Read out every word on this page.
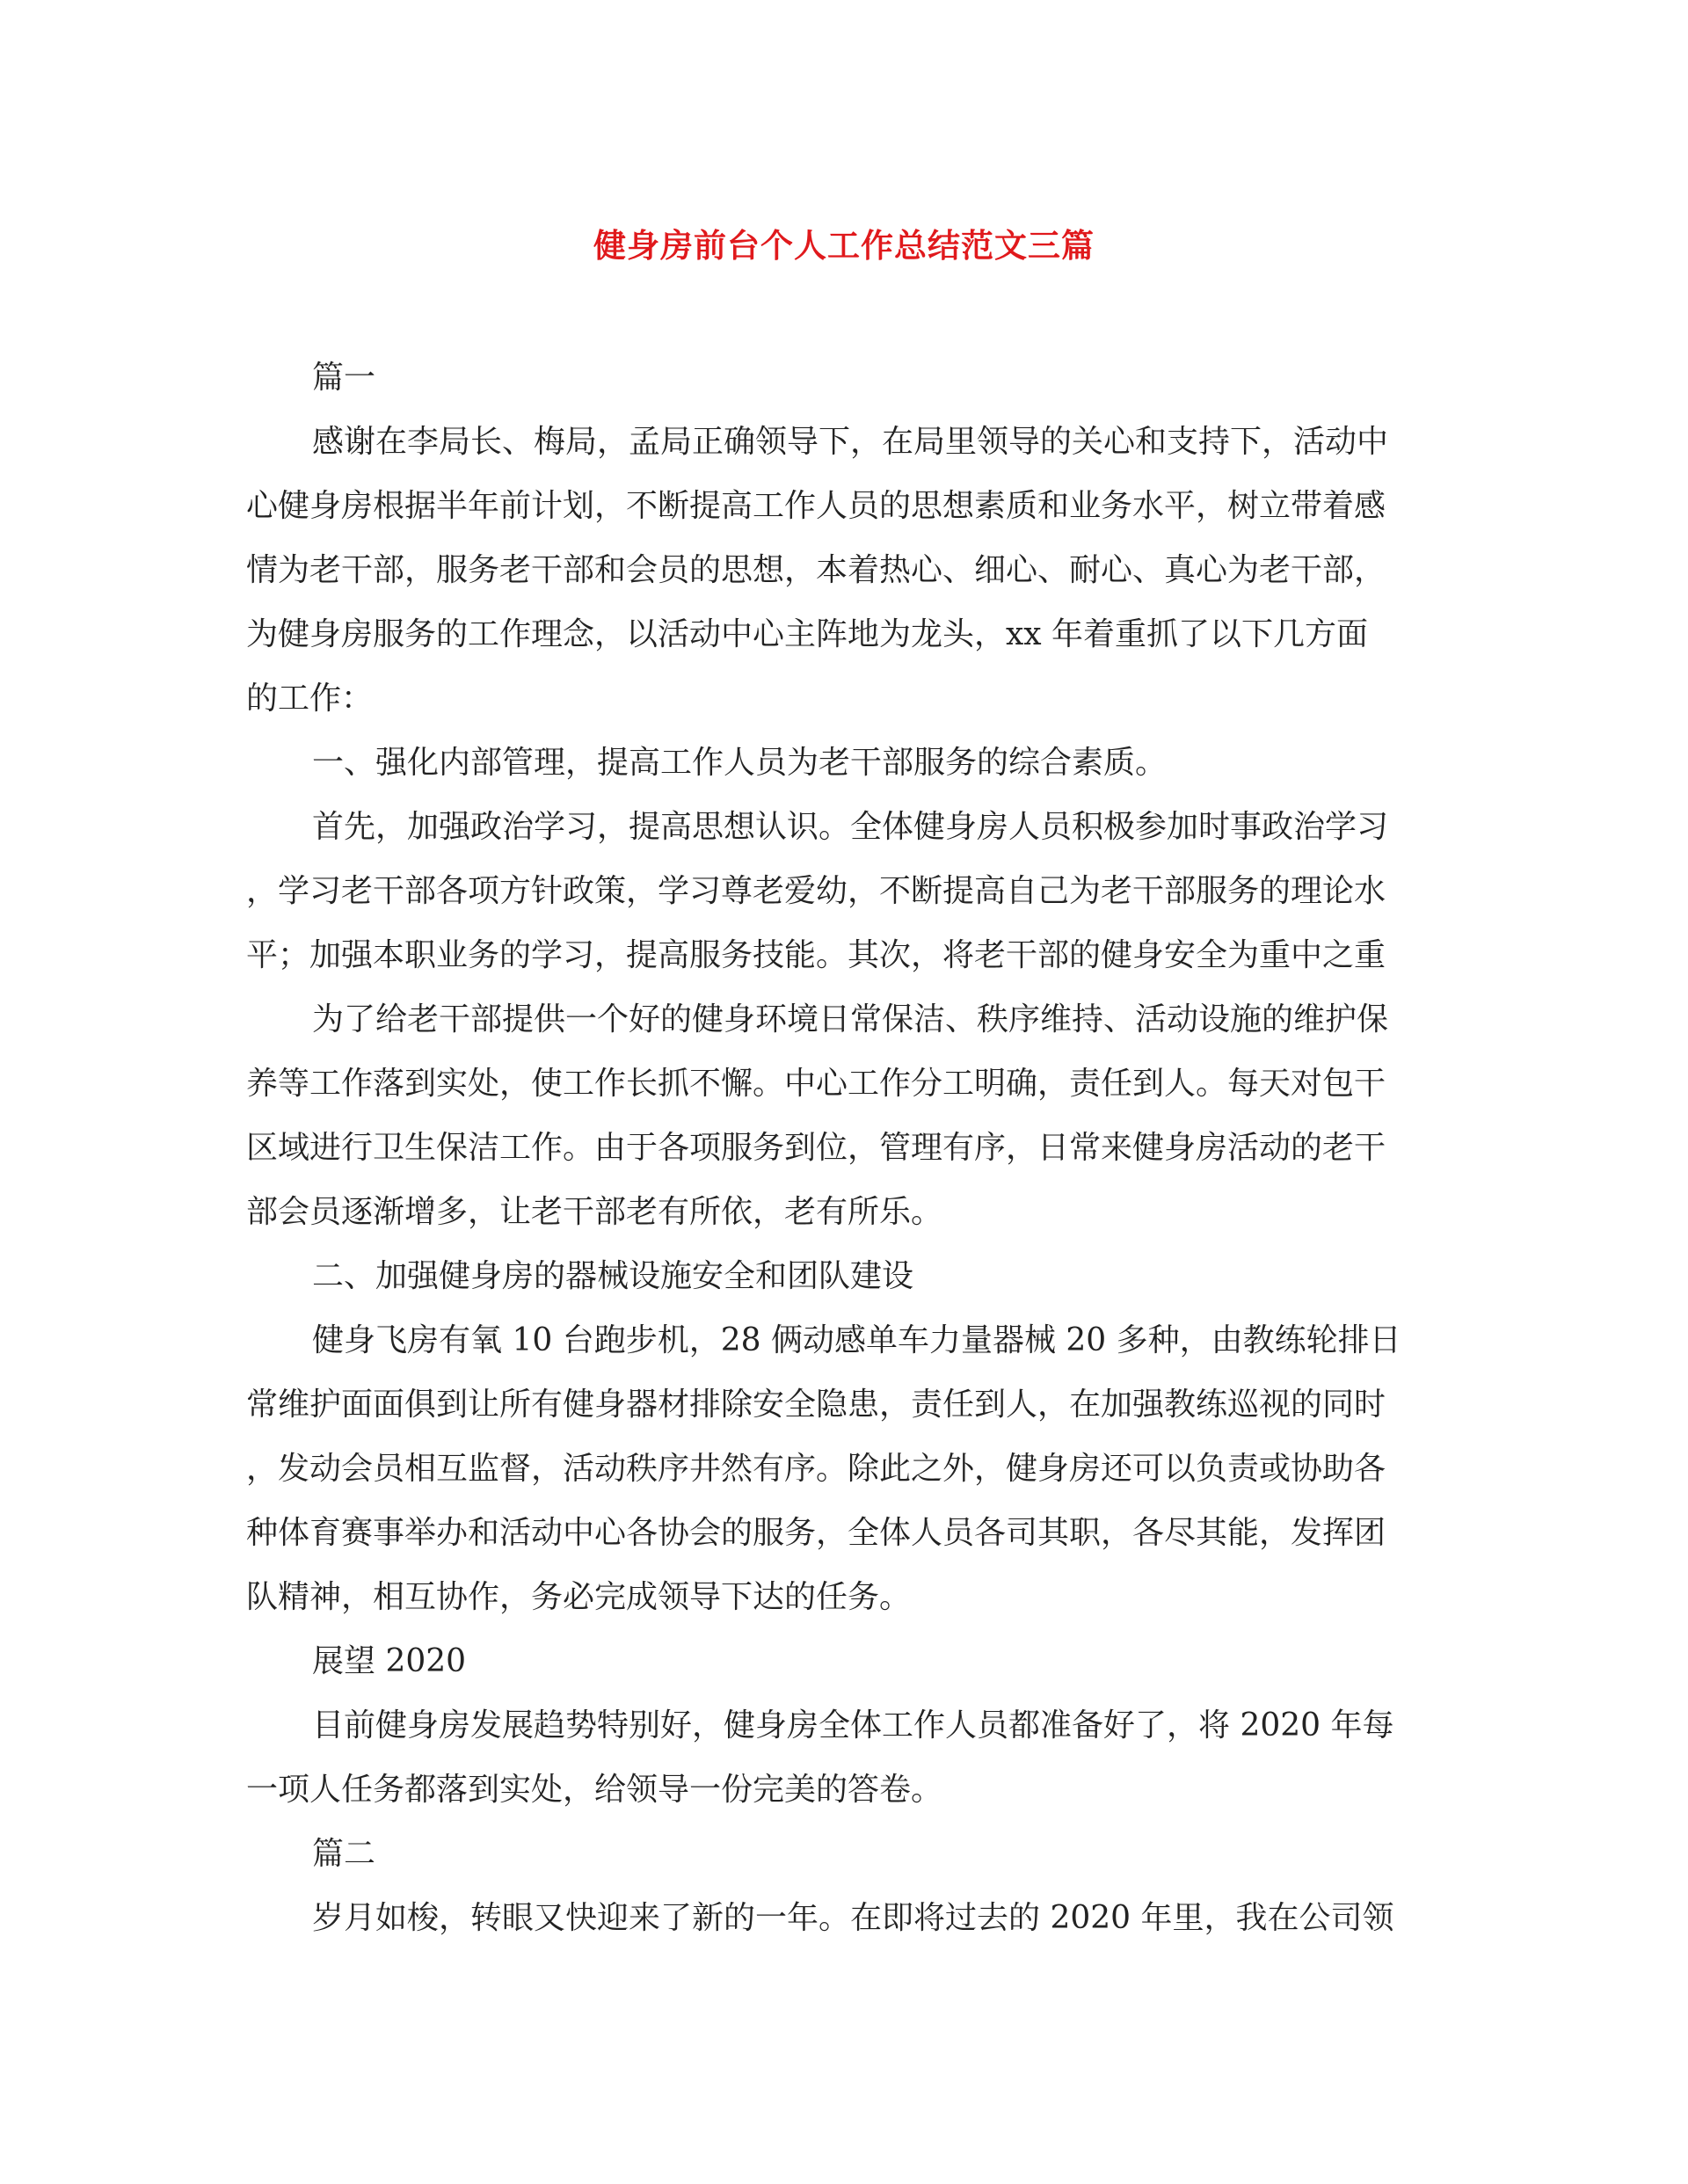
健身房前台个人工作总结范文三篇
篇一
感谢在李局长、梅局，孟局正确领导下，在局里领导的关心和支持下，活动中
心健身房根据半年前计划，不断提高工作人员的思想素质和业务水平，树立带着感
情为老干部，服务老干部和会员的思想，本着热心、细心、耐心、真心为老干部，
为健身房服务的工作理念，以活动中心主阵地为龙头，xx 年着重抓了以下几方面
的工作：
一、强化内部管理，提高工作人员为老干部服务的综合素质。
首先，加强政治学习，提高思想认识。全体健身房人员积极参加时事政治学习
，学习老干部各项方针政策，学习尊老爱幼，不断提高自己为老干部服务的理论水
平；加强本职业务的学习，提高服务技能。其次，将老干部的健身安全为重中之重
为了给老干部提供一个好的健身环境日常保洁、秩序维持、活动设施的维护保
养等工作落到实处，使工作长抓不懈。中心工作分工明确，责任到人。每天对包干
区域进行卫生保洁工作。由于各项服务到位，管理有序，日常来健身房活动的老干
部会员逐渐增多，让老干部老有所依，老有所乐。
二、加强健身房的器械设施安全和团队建设
健身飞房有氧 10 台跑步机，28 俩动感单车力量器械 20 多种，由教练轮排日
常维护面面俱到让所有健身器材排除安全隐患，责任到人，在加强教练巡视的同时
，发动会员相互监督，活动秩序井然有序。除此之外，健身房还可以负责或协助各
种体育赛事举办和活动中心各协会的服务，全体人员各司其职，各尽其能，发挥团
队精神，相互协作，务必完成领导下达的任务。
展望 2020
目前健身房发展趋势特别好，健身房全体工作人员都准备好了，将 2020 年每
一项人任务都落到实处，给领导一份完美的答卷。
篇二
岁月如梭，转眼又快迎来了新的一年。在即将过去的 2020 年里，我在公司领
